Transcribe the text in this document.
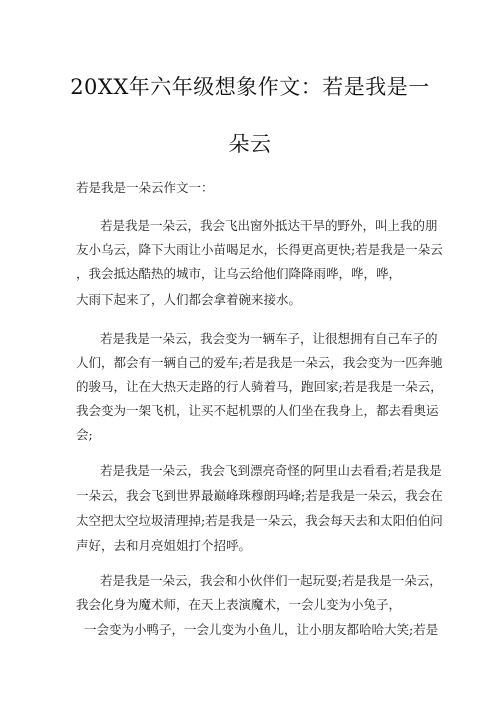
20XX年六年级想象作文：若是我是一
朵云
若是我是一朵云作文一：
若是我是一朵云，我会飞出窗外抵达干旱的野外，叫上我的朋
友小乌云，降下大雨让小苗喝足水，长得更高更快;若是我是一朵云
，我会抵达酷热的城市，让乌云给他们降降雨哗，哗，哗，
大雨下起来了，人们都会拿着碗来接水。
若是我是一朵云，我会变为一辆车子，让很想拥有自己车子的
人们，都会有一辆自己的爱车;若是我是一朵云，我会变为一匹奔驰
的骏马，让在大热天走路的行人骑着马，跑回家;若是我是一朵云，
我会变为一架飞机，让买不起机票的人们坐在我身上，都去看奥运
会;
若是我是一朵云，我会飞到漂亮奇怪的阿里山去看看;若是我是
一朵云，我会飞到世界最巅峰珠穆朗玛峰;若是我是一朵云，我会在
太空把太空垃圾清理掉;若是我是一朵云，我会每天去和太阳伯伯问
声好，去和月亮姐姐打个招呼。
若是我是一朵云，我会和小伙伴们一起玩耍;若是我是一朵云，
我会化身为魔术师，在天上表演魔术，一会儿变为小兔子，
一会变为小鸭子，一会儿变为小鱼儿，让小朋友都哈哈大笑;若是
